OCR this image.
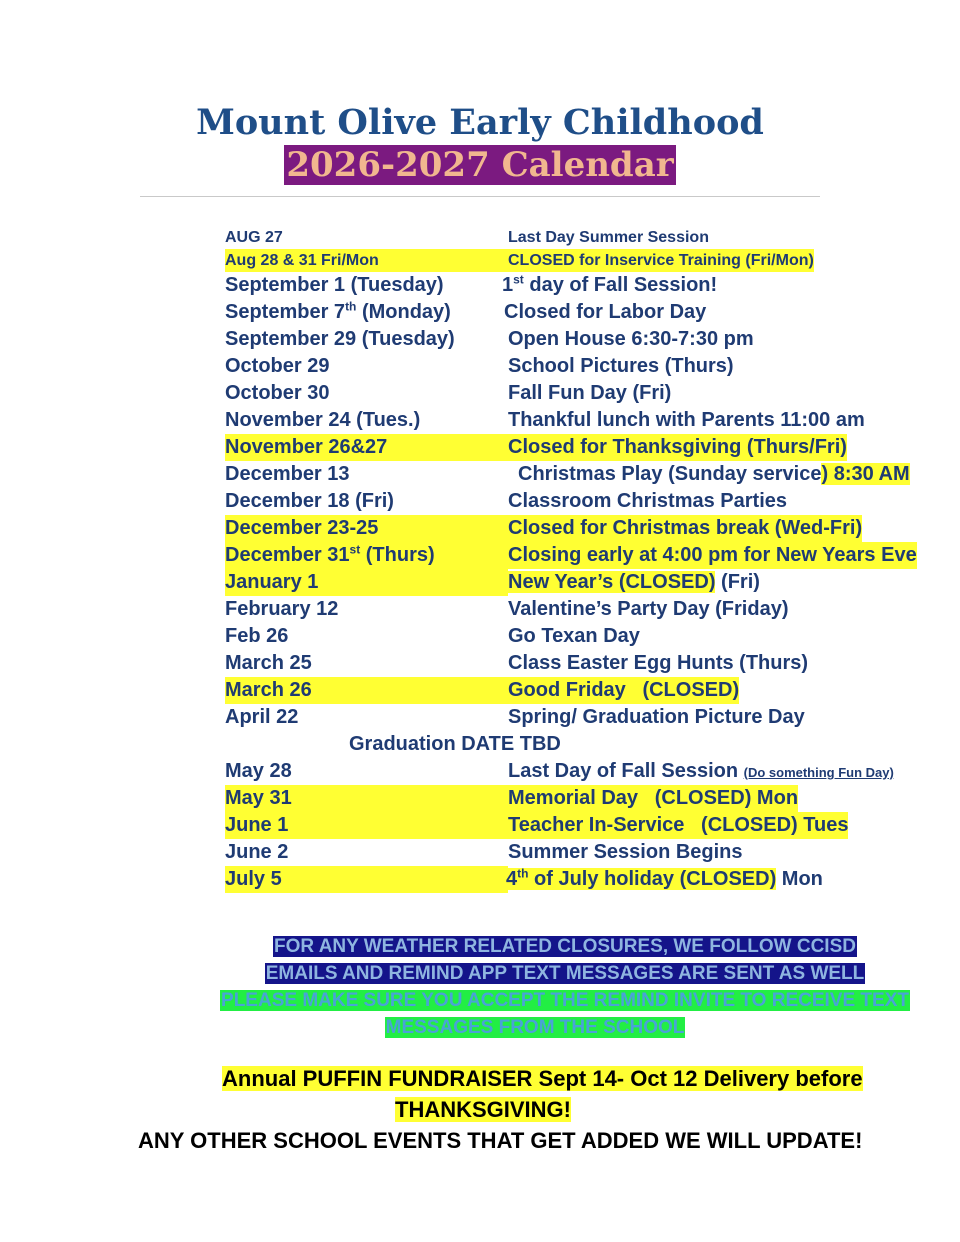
Mount Olive Early Childhood
2026-2027 Calendar
AUG 27	Last Day Summer Session
Aug 28 & 31 Fri/Mon	CLOSED for Inservice Training (Fri/Mon)
September 1 (Tuesday)	1st day of Fall Session!
September 7th (Monday)	Closed for Labor Day
September 29 (Tuesday)	Open House 6:30-7:30 pm
October 29	School Pictures (Thurs)
October 30	Fall Fun Day (Fri)
November 24 (Tues.)	Thankful lunch with Parents 11:00 am
November 26&27	Closed for Thanksgiving (Thurs/Fri)
December 13	Christmas Play (Sunday service) 8:30 AM
December 18 (Fri)	Classroom Christmas Parties
December 23-25	Closed for Christmas break (Wed-Fri)
December 31st (Thurs)	Closing early at 4:00 pm for New Years Eve
January 1	New Year’s (CLOSED) (Fri)
February 12	Valentine’s Party Day (Friday)
Feb 26	Go Texan Day
March 25	Class Easter Egg Hunts (Thurs)
March 26	Good Friday   (CLOSED)
April 22	Spring/ Graduation Picture Day
Graduation DATE TBD
May 28	Last Day of Fall Session (Do something Fun Day)
May 31	Memorial Day   (CLOSED) Mon
June 1	Teacher In-Service   (CLOSED) Tues
June 2	Summer Session Begins
July 5	4th of July holiday (CLOSED) Mon
FOR ANY WEATHER RELATED CLOSURES, WE FOLLOW CCISD
EMAILS AND REMIND APP TEXT MESSAGES ARE SENT AS WELL
PLEASE MAKE SURE YOU ACCEPT THE REMIND INVITE TO RECEIVE TEXT
MESSAGES FROM THE SCHOOL
Annual PUFFIN FUNDRAISER Sept 14- Oct 12 Delivery before
THANKSGIVING!
ANY OTHER SCHOOL EVENTS THAT GET ADDED WE WILL UPDATE!
